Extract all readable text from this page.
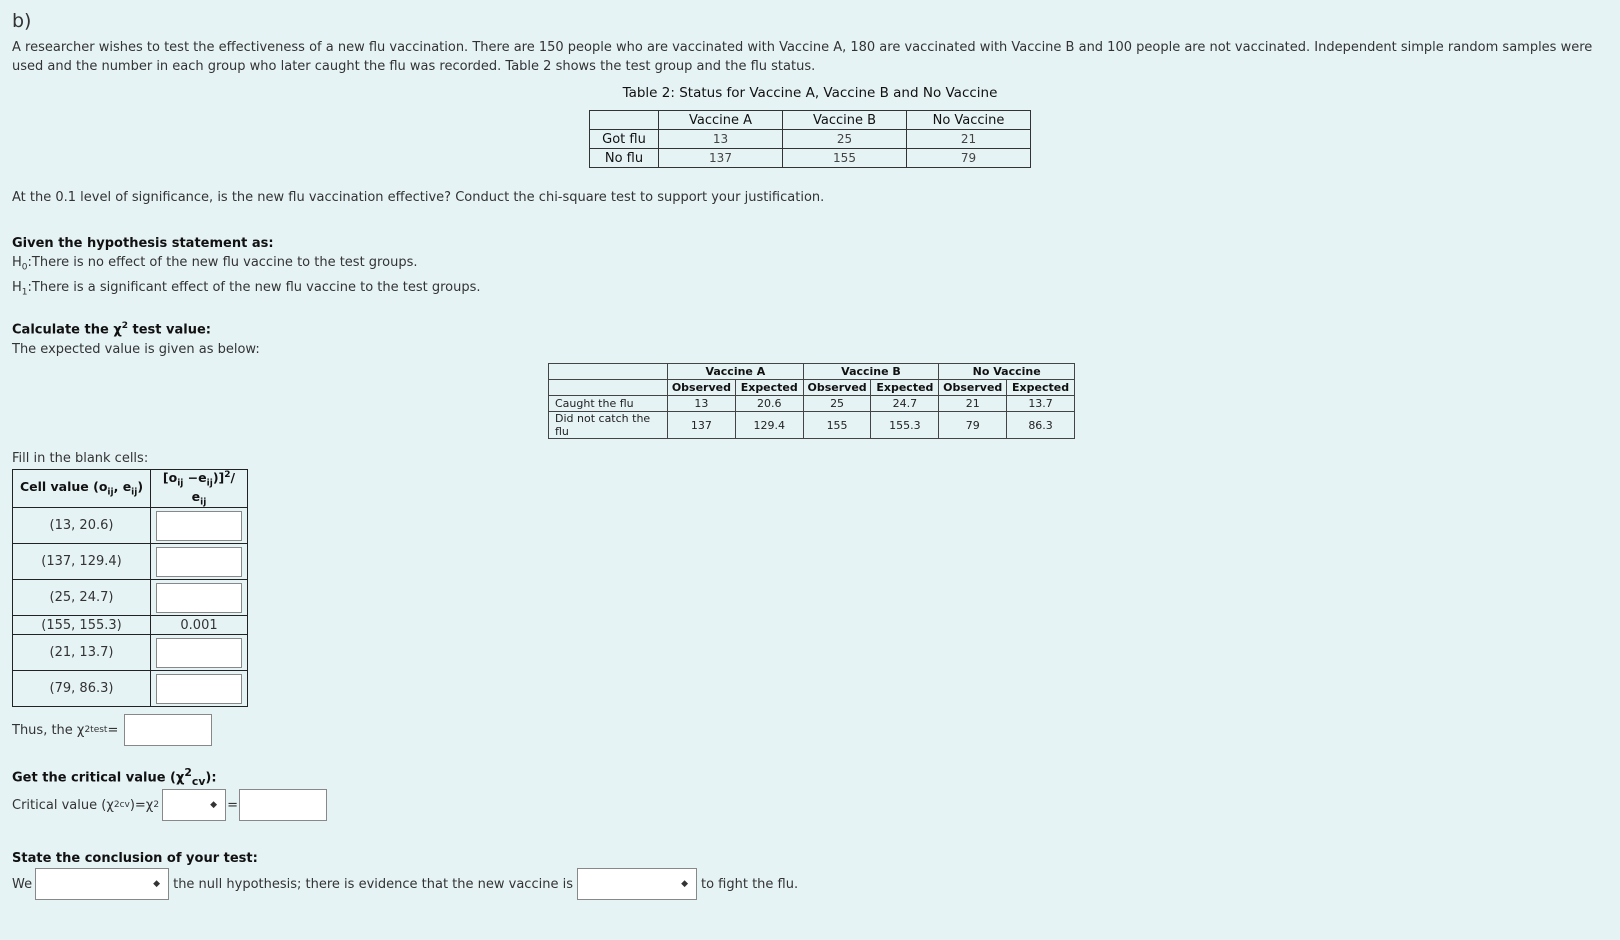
b)
A researcher wishes to test the effectiveness of a new flu vaccination. There are 150 people who are vaccinated with Vaccine A, 180 are vaccinated with Vaccine B and 100 people are not vaccinated. Independent simple random samples were used and the number in each group who later caught the flu was recorded. Table 2 shows the test group and the flu status.
Table 2: Status for Vaccine A, Vaccine B and No Vaccine
	Vaccine A	Vaccine B	No Vaccine
Got flu	13	25	21
No flu	137	155	79
At the 0.1 level of significance, is the new flu vaccination effective? Conduct the chi-square test to support your justification.
Given the hypothesis statement as:
$H_0:There$ is no effect of the new flu vaccine to the test groups.
$H_1:There$ is a significant effect of the new flu vaccine to the test groups.
Calculate the $\chi^2$ test value:
The expected value is given as below:
	Vaccine A		Vaccine B		No Vaccine	
	Observed	Expected	Observed	Expected	Observed	Expected
Caught the flu	13	20.6	25	24.7	21	13.7
Did not catch the flu	137	129.4	155	155.3	79	86.3
Fill in the blank cells:
Cell value ($o_{ij}$, $e_{ij}$)	$[o_{ij} -e_{ij})]^2/$ $e_{ij}$
(13, 20.6)	

(137, 129.4)	

(25, 24.7)	

(155, 155.3)	0.001
(21, 13.7)	

(79, 86.3)	
Thus, the χ 2 test =
Get the critical value $(\chi^2_{cv})$:
Critical value (χ 2 cv )=χ 2	◆ =
State the conclusion of your test:
We	◆ the null hypothesis; there is evidence that the new vaccine is	◆ to fight the flu.
